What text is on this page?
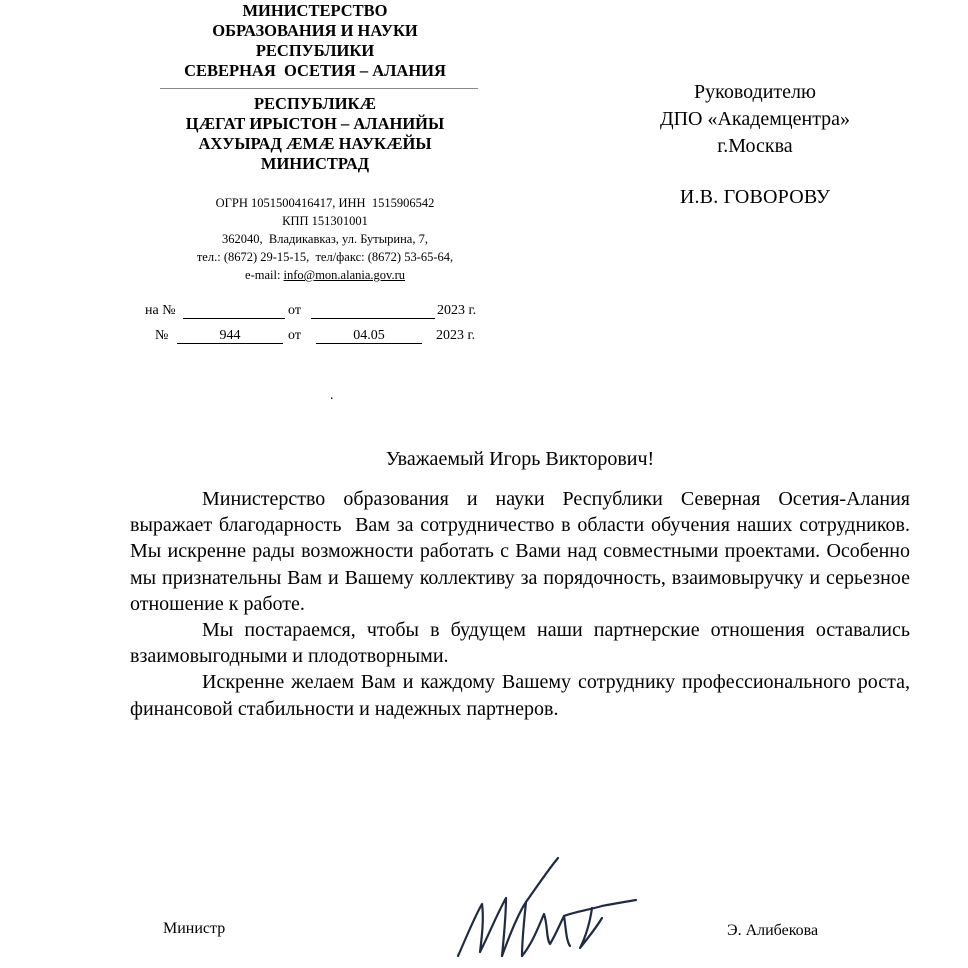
МИНИСТЕРСТВО
ОБРАЗОВАНИЯ И НАУКИ
РЕСПУБЛИКИ
СЕВЕРНАЯ  ОСЕТИЯ – АЛАНИЯ
РЕСПУБЛИКӔ
ЦӔГАТ ИРЫСТОН – АЛАНИЙЫ
АХУЫРАД ӔМӔ НАУКӔЙЫ
МИНИСТРАД
ОГРН 1051500416417, ИНН  1515906542
КПП 151301001
362040,  Владикавказ, ул. Бутырина, 7,
тел.: (8672) 29-15-15,  тел/факс: (8672) 53-65-64,
e-mail: info@mon.alania.gov.ru
на №	от	2023 г.
№	944	от	04.05	2023 г.
.
Руководителю
ДПО «Академцентра»
г.Москва
И.В. ГОВОРОВУ
Уважаемый Игорь Викторович!

Министерство образования и науки Республики Северная Осетия-Алания выражает благодарность  Вам за сотрудничество в области обучения наших сотрудников. Мы искренне рады возможности работать с Вами над совместными проектами. Особенно мы признательны Вам и Вашему коллективу за порядочность, взаимовыручку и серьезное отношение к работе.

Мы постараемся, чтобы в будущем наши партнерские отношения оставались взаимовыгодными и плодотворными.

Искренне желаем Вам и каждому Вашему сотруднику профессионального роста, финансовой стабильности и надежных партнеров.

Министр	Э. Алибекова
